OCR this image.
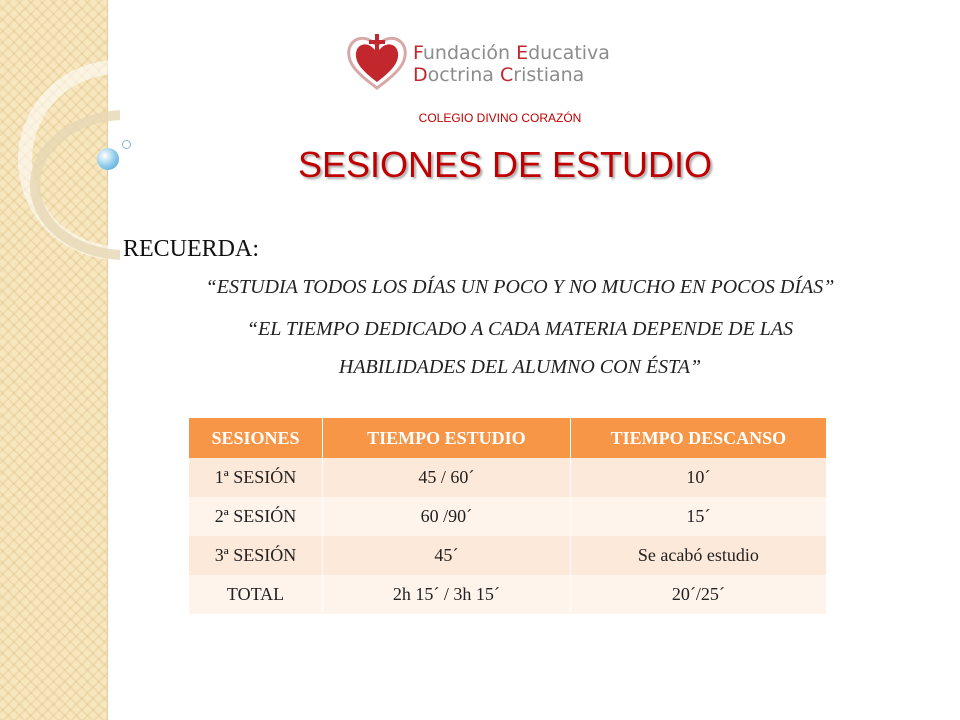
Fundación Educativa
Doctrina Cristiana
COLEGIO DIVINO CORAZÓN
SESIONES DE ESTUDIO
RECUERDA:
“ESTUDIA TODOS LOS DÍAS UN POCO Y NO MUCHO EN POCOS DÍAS”
“EL TIEMPO DEDICADO A CADA MATERIA DEPENDE DE LAS
HABILIDADES DEL ALUMNO CON ÉSTA”
SESIONES	TIEMPO ESTUDIO	TIEMPO DESCANSO
1ª SESIÓN	45 / 60´	10´
2ª SESIÓN	60 /90´	15´
3ª SESIÓN	45´	Se acabó estudio
TOTAL	2h 15´ / 3h 15´	20´/25´
